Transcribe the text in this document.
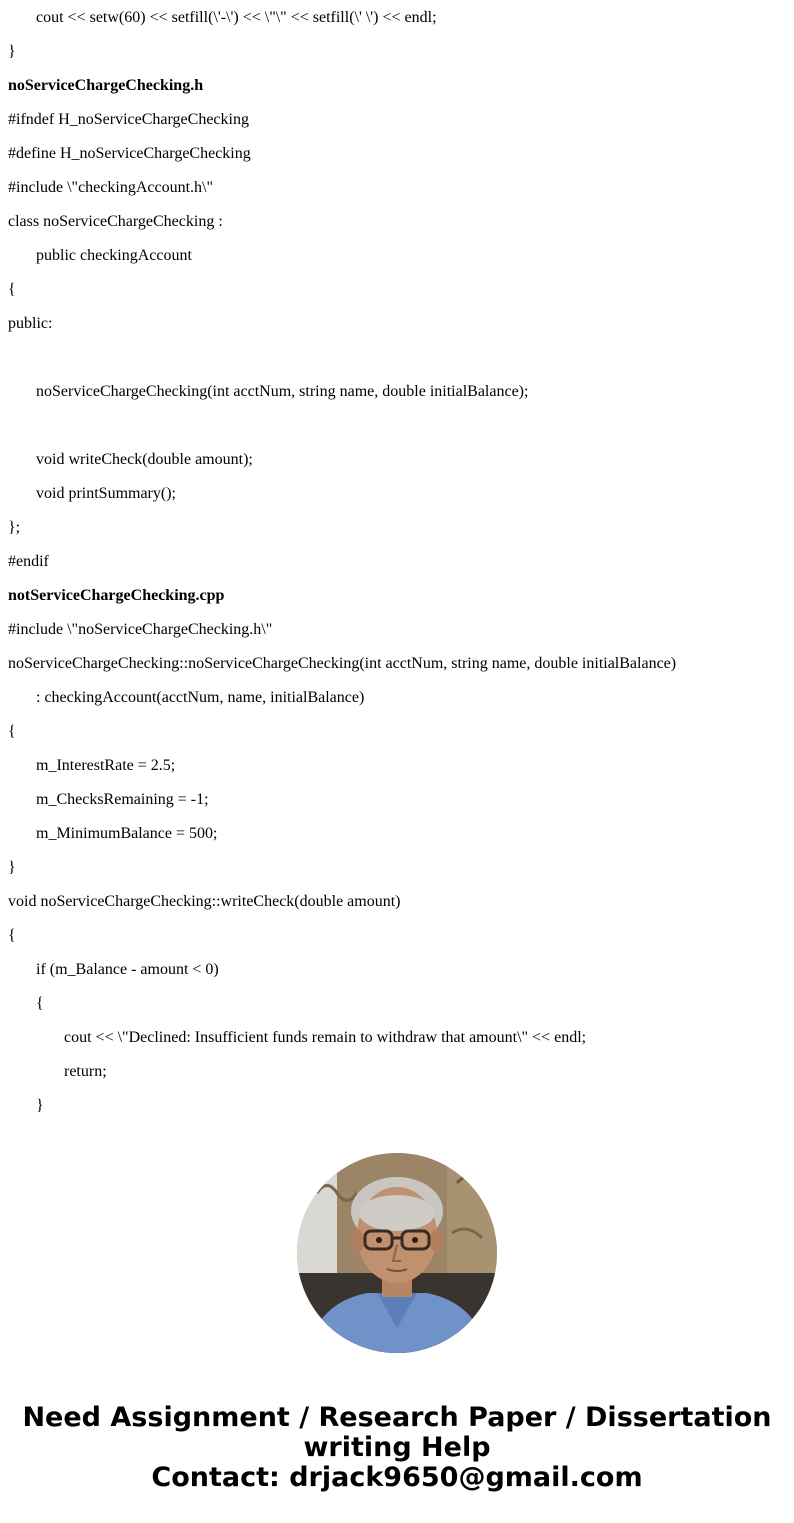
cout << setw(60) << setfill(\'-\') << \"\" << setfill(\' \') << endl;
}
noServiceChargeChecking.h
#ifndef H_noServiceChargeChecking
#define H_noServiceChargeChecking
#include \"checkingAccount.h\"
class noServiceChargeChecking :
public checkingAccount
{
public:
noServiceChargeChecking(int acctNum, string name, double initialBalance);
void writeCheck(double amount);
void printSummary();
};
#endif
notServiceChargeChecking.cpp
#include \"noServiceChargeChecking.h\"
noServiceChargeChecking::noServiceChargeChecking(int acctNum, string name, double initialBalance)
: checkingAccount(acctNum, name, initialBalance)
{
m_InterestRate = 2.5;
m_ChecksRemaining = -1;
m_MinimumBalance = 500;
}
void noServiceChargeChecking::writeCheck(double amount)
{
if (m_Balance - amount < 0)
{
cout << \"Declined: Insufficient funds remain to withdraw that amount\" << endl;
return;
}
Need Assignment / Research Paper / Dissertation
writing Help
Contact: drjack9650@gmail.com
